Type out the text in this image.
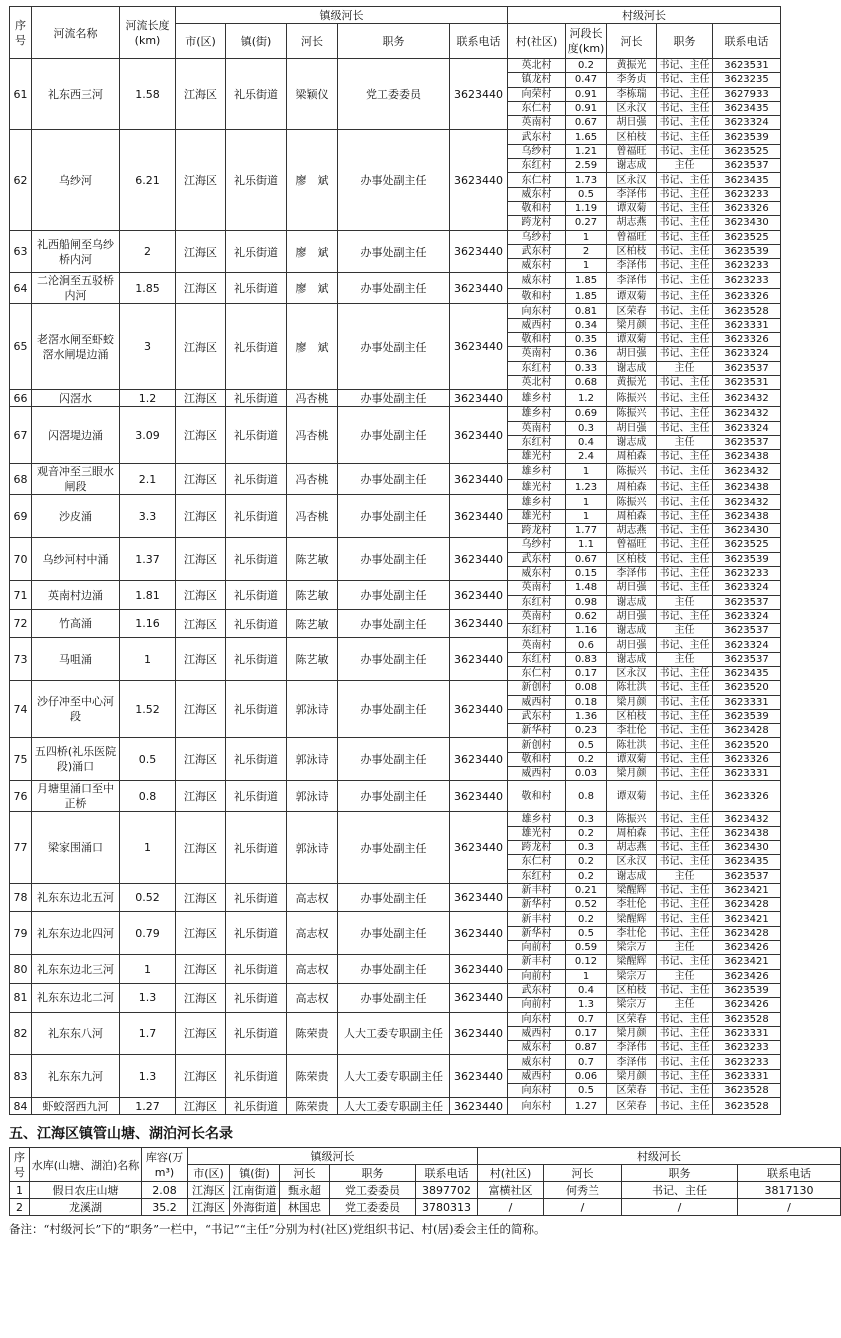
序号	河流名称	河流长度(km)	镇级河长					村级河长				
			市(区)	镇(街)	河长	职务	联系电话	村(社区)	河段长度(km)	河长	职务	联系电话
61	礼东西三河	1.58	江海区	礼乐街道	梁颖仪	党工委委员	3623440	英北村	0.2	黄振光	书记、主任	3623531
								镇龙村	0.47	李务贞	书记、主任	3623235
								向荣村	0.91	李栋瑞	书记、主任	3627933
								东仁村	0.91	区永汉	书记、主任	3623435
								英南村	0.67	胡日强	书记、主任	3623324
62	乌纱河	6.21	江海区	礼乐街道	廖　斌	办事处副主任	3623440	武东村	1.65	区柏枝	书记、主任	3623539
								乌纱村	1.21	曾福旺	书记、主任	3623525
								东红村	2.59	谢志成	主任	3623537
								东仁村	1.73	区永汉	书记、主任	3623435
								威东村	0.5	李泽伟	书记、主任	3623233
								敬和村	1.19	谭双菊	书记、主任	3623326
								跨龙村	0.27	胡志燕	书记、主任	3623430
63	礼西船闸至乌纱桥内河	2	江海区	礼乐街道	廖　斌	办事处副主任	3623440	乌纱村	1	曾福旺	书记、主任	3623525
								武东村	2	区柏枝	书记、主任	3623539
								威东村	1	李泽伟	书记、主任	3623233
64	二沦涧至五驳桥内河	1.85	江海区	礼乐街道	廖　斌	办事处副主任	3623440	威东村	1.85	李泽伟	书记、主任	3623233
								敬和村	1.85	谭双菊	书记、主任	3623326
65	老滘水闸至虾蛟滘水闸堤边涌	3	江海区	礼乐街道	廖　斌	办事处副主任	3623440	向东村	0.81	区荣春	书记、主任	3623528
								威西村	0.34	梁月颜	书记、主任	3623331
								敬和村	0.35	谭双菊	书记、主任	3623326
								英南村	0.36	胡日强	书记、主任	3623324
								东红村	0.33	谢志成	主任	3623537
								英北村	0.68	黄振光	书记、主任	3623531
66	闪滘水	1.2	江海区	礼乐街道	冯杏桃	办事处副主任	3623440	雄乡村	1.2	陈振兴	书记、主任	3623432
67	闪滘堤边涌	3.09	江海区	礼乐街道	冯杏桃	办事处副主任	3623440	雄乡村	0.69	陈振兴	书记、主任	3623432
								英南村	0.3	胡日强	书记、主任	3623324
								东红村	0.4	谢志成	主任	3623537
								雄光村	2.4	周柏森	书记、主任	3623438
68	观音冲至三眼水闸段	2.1	江海区	礼乐街道	冯杏桃	办事处副主任	3623440	雄乡村	1	陈振兴	书记、主任	3623432
								雄光村	1.23	周柏森	书记、主任	3623438
69	沙皮涌	3.3	江海区	礼乐街道	冯杏桃	办事处副主任	3623440	雄乡村	1	陈振兴	书记、主任	3623432
								雄光村	1	周柏森	书记、主任	3623438
								跨龙村	1.77	胡志燕	书记、主任	3623430
70	乌纱河村中涌	1.37	江海区	礼乐街道	陈艺敏	办事处副主任	3623440	乌纱村	1.1	曾福旺	书记、主任	3623525
								武东村	0.67	区柏枝	书记、主任	3623539
								威东村	0.15	李泽伟	书记、主任	3623233
71	英南村边涌	1.81	江海区	礼乐街道	陈艺敏	办事处副主任	3623440	英南村	1.48	胡日强	书记、主任	3623324
								东红村	0.98	谢志成	主任	3623537
72	竹高涌	1.16	江海区	礼乐街道	陈艺敏	办事处副主任	3623440	英南村	0.62	胡日强	书记、主任	3623324
								东红村	1.16	谢志成	主任	3623537
73	马咀涌	1	江海区	礼乐街道	陈艺敏	办事处副主任	3623440	英南村	0.6	胡日强	书记、主任	3623324
								东红村	0.83	谢志成	主任	3623537
								东仁村	0.17	区永汉	书记、主任	3623435
74	沙仔冲至中心河段	1.52	江海区	礼乐街道	郭泳诗	办事处副主任	3623440	新创村	0.08	陈壮洪	书记、主任	3623520
								威西村	0.18	梁月颜	书记、主任	3623331
								武东村	1.36	区柏枝	书记、主任	3623539
								新华村	0.23	李壮伦	书记、主任	3623428
75	五四桥(礼乐医院段)涌口	0.5	江海区	礼乐街道	郭泳诗	办事处副主任	3623440	新创村	0.5	陈壮洪	书记、主任	3623520
								敬和村	0.2	谭双菊	书记、主任	3623326
								威西村	0.03	梁月颜	书记、主任	3623331
76	月塘里涌口至中正桥	0.8	江海区	礼乐街道	郭泳诗	办事处副主任	3623440	敬和村	0.8	谭双菊	书记、主任	3623326
77	梁家围涌口	1	江海区	礼乐街道	郭泳诗	办事处副主任	3623440	雄乡村	0.3	陈振兴	书记、主任	3623432
								雄光村	0.2	周柏森	书记、主任	3623438
								跨龙村	0.3	胡志燕	书记、主任	3623430
								东仁村	0.2	区永汉	书记、主任	3623435
								东红村	0.2	谢志成	主任	3623537
78	礼东东边北五河	0.52	江海区	礼乐街道	高志权	办事处副主任	3623440	新丰村	0.21	梁醒辉	书记、主任	3623421
								新华村	0.52	李壮伦	书记、主任	3623428
79	礼东东边北四河	0.79	江海区	礼乐街道	高志权	办事处副主任	3623440	新丰村	0.2	梁醒辉	书记、主任	3623421
								新华村	0.5	李壮伦	书记、主任	3623428
								向前村	0.59	梁宗万	主任	3623426
80	礼东东边北三河	1	江海区	礼乐街道	高志权	办事处副主任	3623440	新丰村	0.12	梁醒辉	书记、主任	3623421
								向前村	1	梁宗万	主任	3623426
81	礼东东边北二河	1.3	江海区	礼乐街道	高志权	办事处副主任	3623440	武东村	0.4	区柏枝	书记、主任	3623539
								向前村	1.3	梁宗万	主任	3623426
82	礼东东八河	1.7	江海区	礼乐街道	陈荣贵	人大工委专职副主任	3623440	向东村	0.7	区荣春	书记、主任	3623528
								威西村	0.17	梁月颜	书记、主任	3623331
								威东村	0.87	李泽伟	书记、主任	3623233
83	礼东东九河	1.3	江海区	礼乐街道	陈荣贵	人大工委专职副主任	3623440	威东村	0.7	李泽伟	书记、主任	3623233
								威西村	0.06	梁月颜	书记、主任	3623331
								向东村	0.5	区荣春	书记、主任	3623528
84	虾蛟滘西九河	1.27	江海区	礼乐街道	陈荣贵	人大工委专职副主任	3623440	向东村	1.27	区荣春	书记、主任	3623528
五、江海区镇管山塘、湖泊河长名录
序号	水库(山塘、湖泊)名称	库容(万m³)	镇级河长					村级河长			
			市(区)	镇(街)	河长	职务	联系电话	村(社区)	河长	职务	联系电话
1	假日农庄山塘	2.08	江海区	江南街道	甄永超	党工委委员	3897702	富横社区	何秀兰	书记、主任	3817130
2	龙溪湖	35.2	江海区	外海街道	林国忠	党工委委员	3780313	/	/	/	/
备注：“村级河长”下的“职务”一栏中，“书记”“主任”分别为村(社区)党组织书记、村(居)委会主任的简称。
